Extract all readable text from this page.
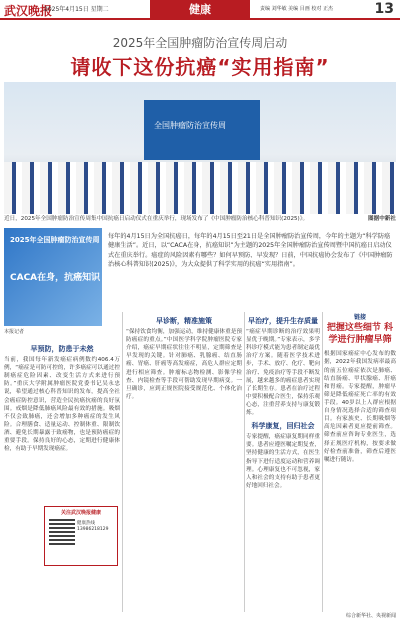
武汉晚报
2025年4月15日 星期二	健康	责编 刘华敏 美编 目画 校对 正杰	13
2025年全国肿瘤防治宣传周启动
请收下这份抗癌“实用指南”
全国肿瘤防治宣传周
近日，2025年全国肿瘤防治宣传周集中国抗癌日启动仪式在重庆举行，现场发布了《中国肿瘤防治核心科普知识(2025)》。	图据中新社
2025年全国肿瘤防治宣传周
CACA在身，抗癌知识
本报记者
每年的4月15日为全国抗癌日，每年的4月15日至21日是全国肿瘤防治宣传周，今年的主题为“科学防癌 健康生活”。近日，以“CACA在身，抗癌知识”为主题的2025年全国肿瘤防治宣传周暨中国抗癌日启动仪式在重庆举行。癌症的风险因素有哪些？如何早预防、早发现？日前，中国抗癌协会发布了《中国肿瘤防治核心科普知识(2025)》，为大众提供了科学实用的抗癌“实用指南”。
早预防，防患于未然
当前，我国每年新发癌症病例数约406.4万例，“癌症是可防可控的，许多癌症可以通过控制癌症危险因素、改变生活方式来进行预防。”重庆大学附属肿瘤医院党委书记吴永忠说，希望通过核心科普知识的发布，提高全社会癌症防控意识，营造全民抗癌抗癌的良好氛围。戒烟是降低肺癌风险最有效的措施。吸烟不仅会致肺癌，还会增加多种癌症的发生风险。合理膳食、适量运动、控制体重、限制饮酒、避免长期暴露于致癌物，也是预防癌症的重要手段。保持良好的心态，定期进行健康体检，有助于早期发现癌症。
早诊断，精准施策
“保持饮食均衡，加强运动，维持健康体重是预防癌症的重点。”中国医学科学院肿瘤医院专家介绍，癌症早期症状往往不明显，定期筛查是早发现的关键。针对肺癌、乳腺癌、结直肠癌、胃癌、肝癌等高发癌症，高危人群应定期进行相应筛查。肿瘤标志物检测、影像学检查、内镜检查等手段可帮助发现早期病变。一旦确诊，应到正规医院接受规范化、个体化治疗。
早治疗，提升生存质量
“癌症早期诊断的治疗效果明显优于晚期。”专家表示，多学科诊疗模式能为患者制定最优治疗方案。随着医学技术进步，手术、放疗、化疗、靶向治疗、免疫治疗等手段不断发展，越来越多的癌症患者实现了长期生存。患者在治疗过程中要积极配合医生，保持乐观心态，注重营养支持与康复锻炼。
科学康复，回归社会
专家提醒，癌症康复期同样重要。患者应遵医嘱定期复查，坚持健康的生活方式，在医生指导下进行适度运动和营养调理。心理康复也不可忽视，家人和社会的支持有助于患者更好地回归社会。
链接
把握这些细节 科学进行肿瘤早筛
根据国家癌症中心发布的数据，2022年我国发病率最高的前五位癌症依次是肺癌、结直肠癌、甲状腺癌、肝癌和胃癌。专家提醒，肿瘤早筛是降低癌症死亡率的有效手段。40岁以上人群应根据自身情况选择合适的筛查项目。有家族史、长期吸烟等高危因素者更应提前筛查。筛查前应咨询专业医生，选择正规医疗机构，按要求做好检查前准备，筛查后遵医嘱进行随访。
综合新华社、央视新闻
关注武汉晚报健康
健康热线 13986218129
